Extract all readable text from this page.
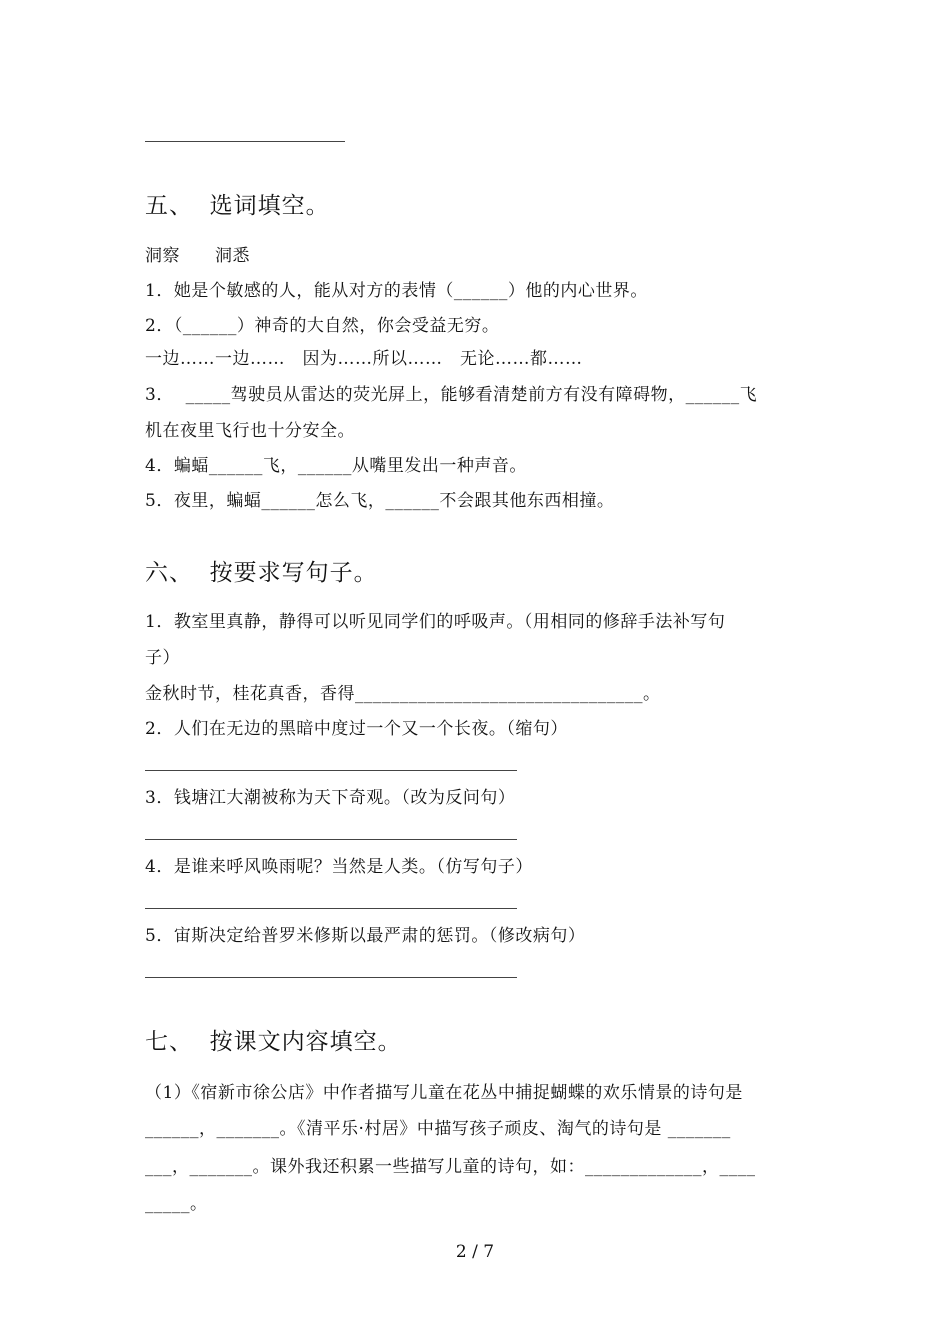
五、  选词填空。
洞察　　洞悉
1．她是个敏感的人，能从对方的表情（______）他的内心世界。
2．（______）神奇的大自然，你会受益无穷。
一边……一边……　因为……所以……　无论……都……
3．  _____驾驶员从雷达的荧光屏上，能够看清楚前方有没有障碍物，______飞
机在夜里飞行也十分安全。
4．蝙蝠______飞，______从嘴里发出一种声音。
5．夜里，蝙蝠______怎么飞，______不会跟其他东西相撞。
六、  按要求写句子。
1．教室里真静，静得可以听见同学们的呼吸声。（用相同的修辞手法补写句
子）
金秋时节，桂花真香，香得________________________________。
2．人们在无边的黑暗中度过一个又一个长夜。（缩句）
3．钱塘江大潮被称为天下奇观。（改为反问句）
4．是谁来呼风唤雨呢？当然是人类。（仿写句子）
5．宙斯决定给普罗米修斯以最严肃的惩罚。（修改病句）
七、  按课文内容填空。
（1）《宿新市徐公店》中作者描写儿童在花丛中捕捉蝴蝶的欢乐情景的诗句是
______，_______。《清平乐·村居》中描写孩子顽皮、淘气的诗句是 _______
___，_______。课外我还积累一些描写儿童的诗句，如：_____________，____
_____。
2 / 7
